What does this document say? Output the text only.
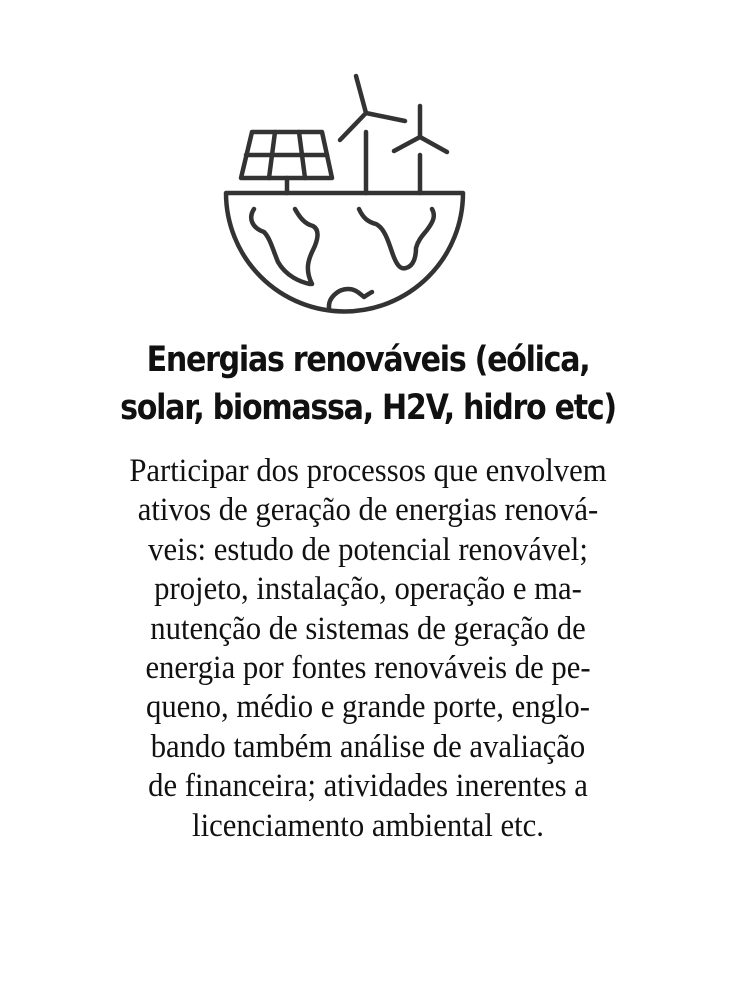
Energias renováveis (eólica,
solar, biomassa, H2V, hidro etc)
Participar dos processos que envolvem
ativos de geração de energias renová-
veis: estudo de potencial renovável;
projeto, instalação, operação e ma-
nutenção de sistemas de geração de
energia por fontes renováveis de pe-
queno, médio e grande porte, englo-
bando também análise de avaliação
de financeira; atividades inerentes a
licenciamento ambiental etc.
